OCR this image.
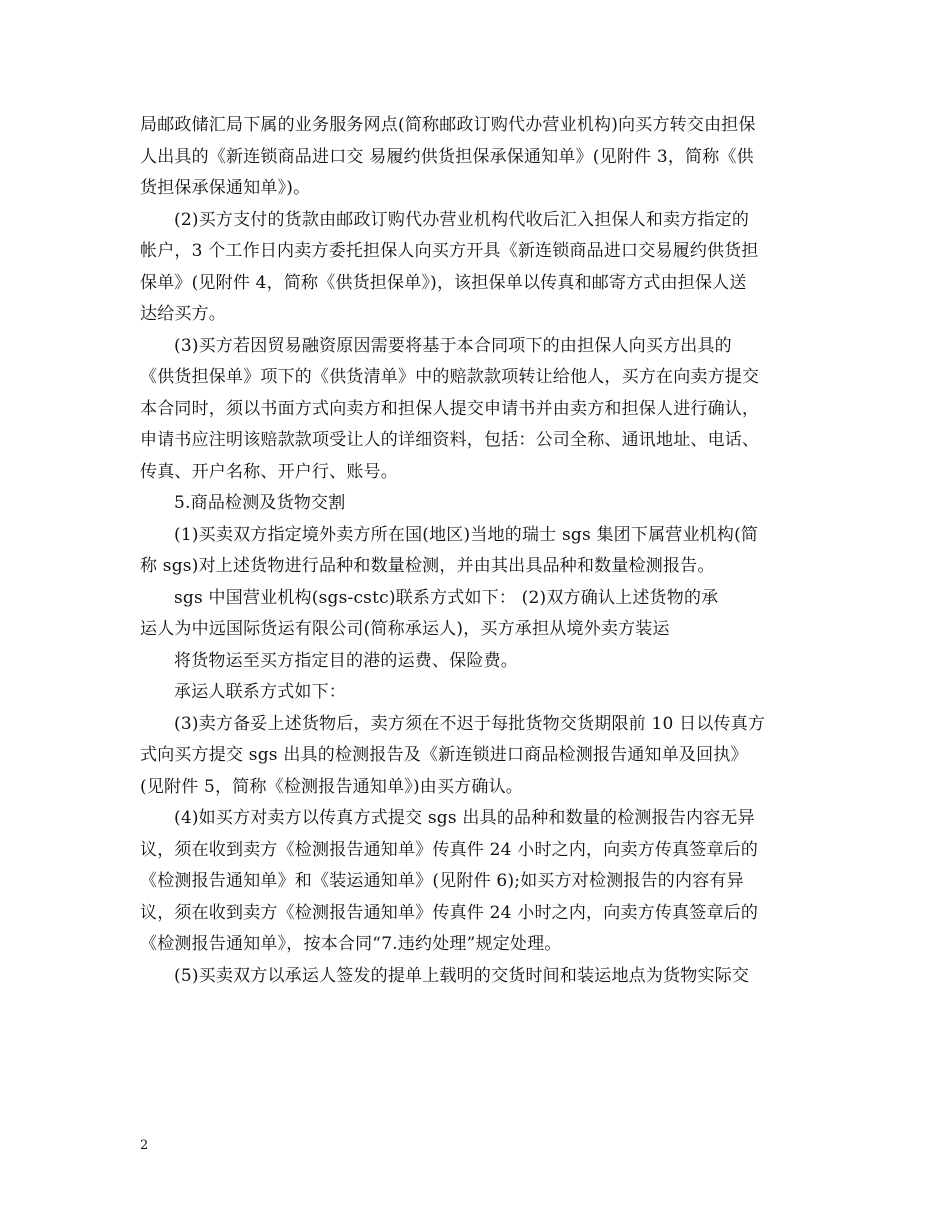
局邮政储汇局下属的业务服务网点(简称邮政订购代办营业机构)向买方转交由担保
人出具的《新连锁商品进口交 易履约供货担保承保通知单》(见附件 3，简称《供
货担保承保通知单》)。
(2)买方支付的货款由邮政订购代办营业机构代收后汇入担保人和卖方指定的
帐户，3 个工作日内卖方委托担保人向买方开具《新连锁商品进口交易履约供货担
保单》(见附件 4，简称《供货担保单》)，该担保单以传真和邮寄方式由担保人送
达给买方。
(3)买方若因贸易融资原因需要将基于本合同项下的由担保人向买方出具的
《供货担保单》项下的《供货清单》中的赔款款项转让给他人，买方在向卖方提交
本合同时，须以书面方式向卖方和担保人提交申请书并由卖方和担保人进行确认，
申请书应注明该赔款款项受让人的详细资料，包括：公司全称、通讯地址、电话、
传真、开户名称、开户行、账号。
5.商品检测及货物交割
(1)买卖双方指定境外卖方所在国(地区)当地的瑞士 sgs 集团下属营业机构(简
称 sgs)对上述货物进行品种和数量检测，并由其出具品种和数量检测报告。
sgs 中国营业机构(sgs-cstc)联系方式如下： (2)双方确认上述货物的承
运人为中远国际货运有限公司(简称承运人)，买方承担从境外卖方装运
将货物运至买方指定目的港的运费、保险费。
承运人联系方式如下：
(3)卖方备妥上述货物后，卖方须在不迟于每批货物交货期限前 10 日以传真方
式向买方提交 sgs 出具的检测报告及《新连锁进口商品检测报告通知单及回执》
(见附件 5，简称《检测报告通知单》)由买方确认。
(4)如买方对卖方以传真方式提交 sgs 出具的品种和数量的检测报告内容无异
议，须在收到卖方《检测报告通知单》传真件 24 小时之内，向卖方传真签章后的
《检测报告通知单》和《装运通知单》(见附件 6);如买方对检测报告的内容有异
议，须在收到卖方《检测报告通知单》传真件 24 小时之内，向卖方传真签章后的
《检测报告通知单》，按本合同“7.违约处理”规定处理。
(5)买卖双方以承运人签发的提单上载明的交货时间和装运地点为货物实际交
2
